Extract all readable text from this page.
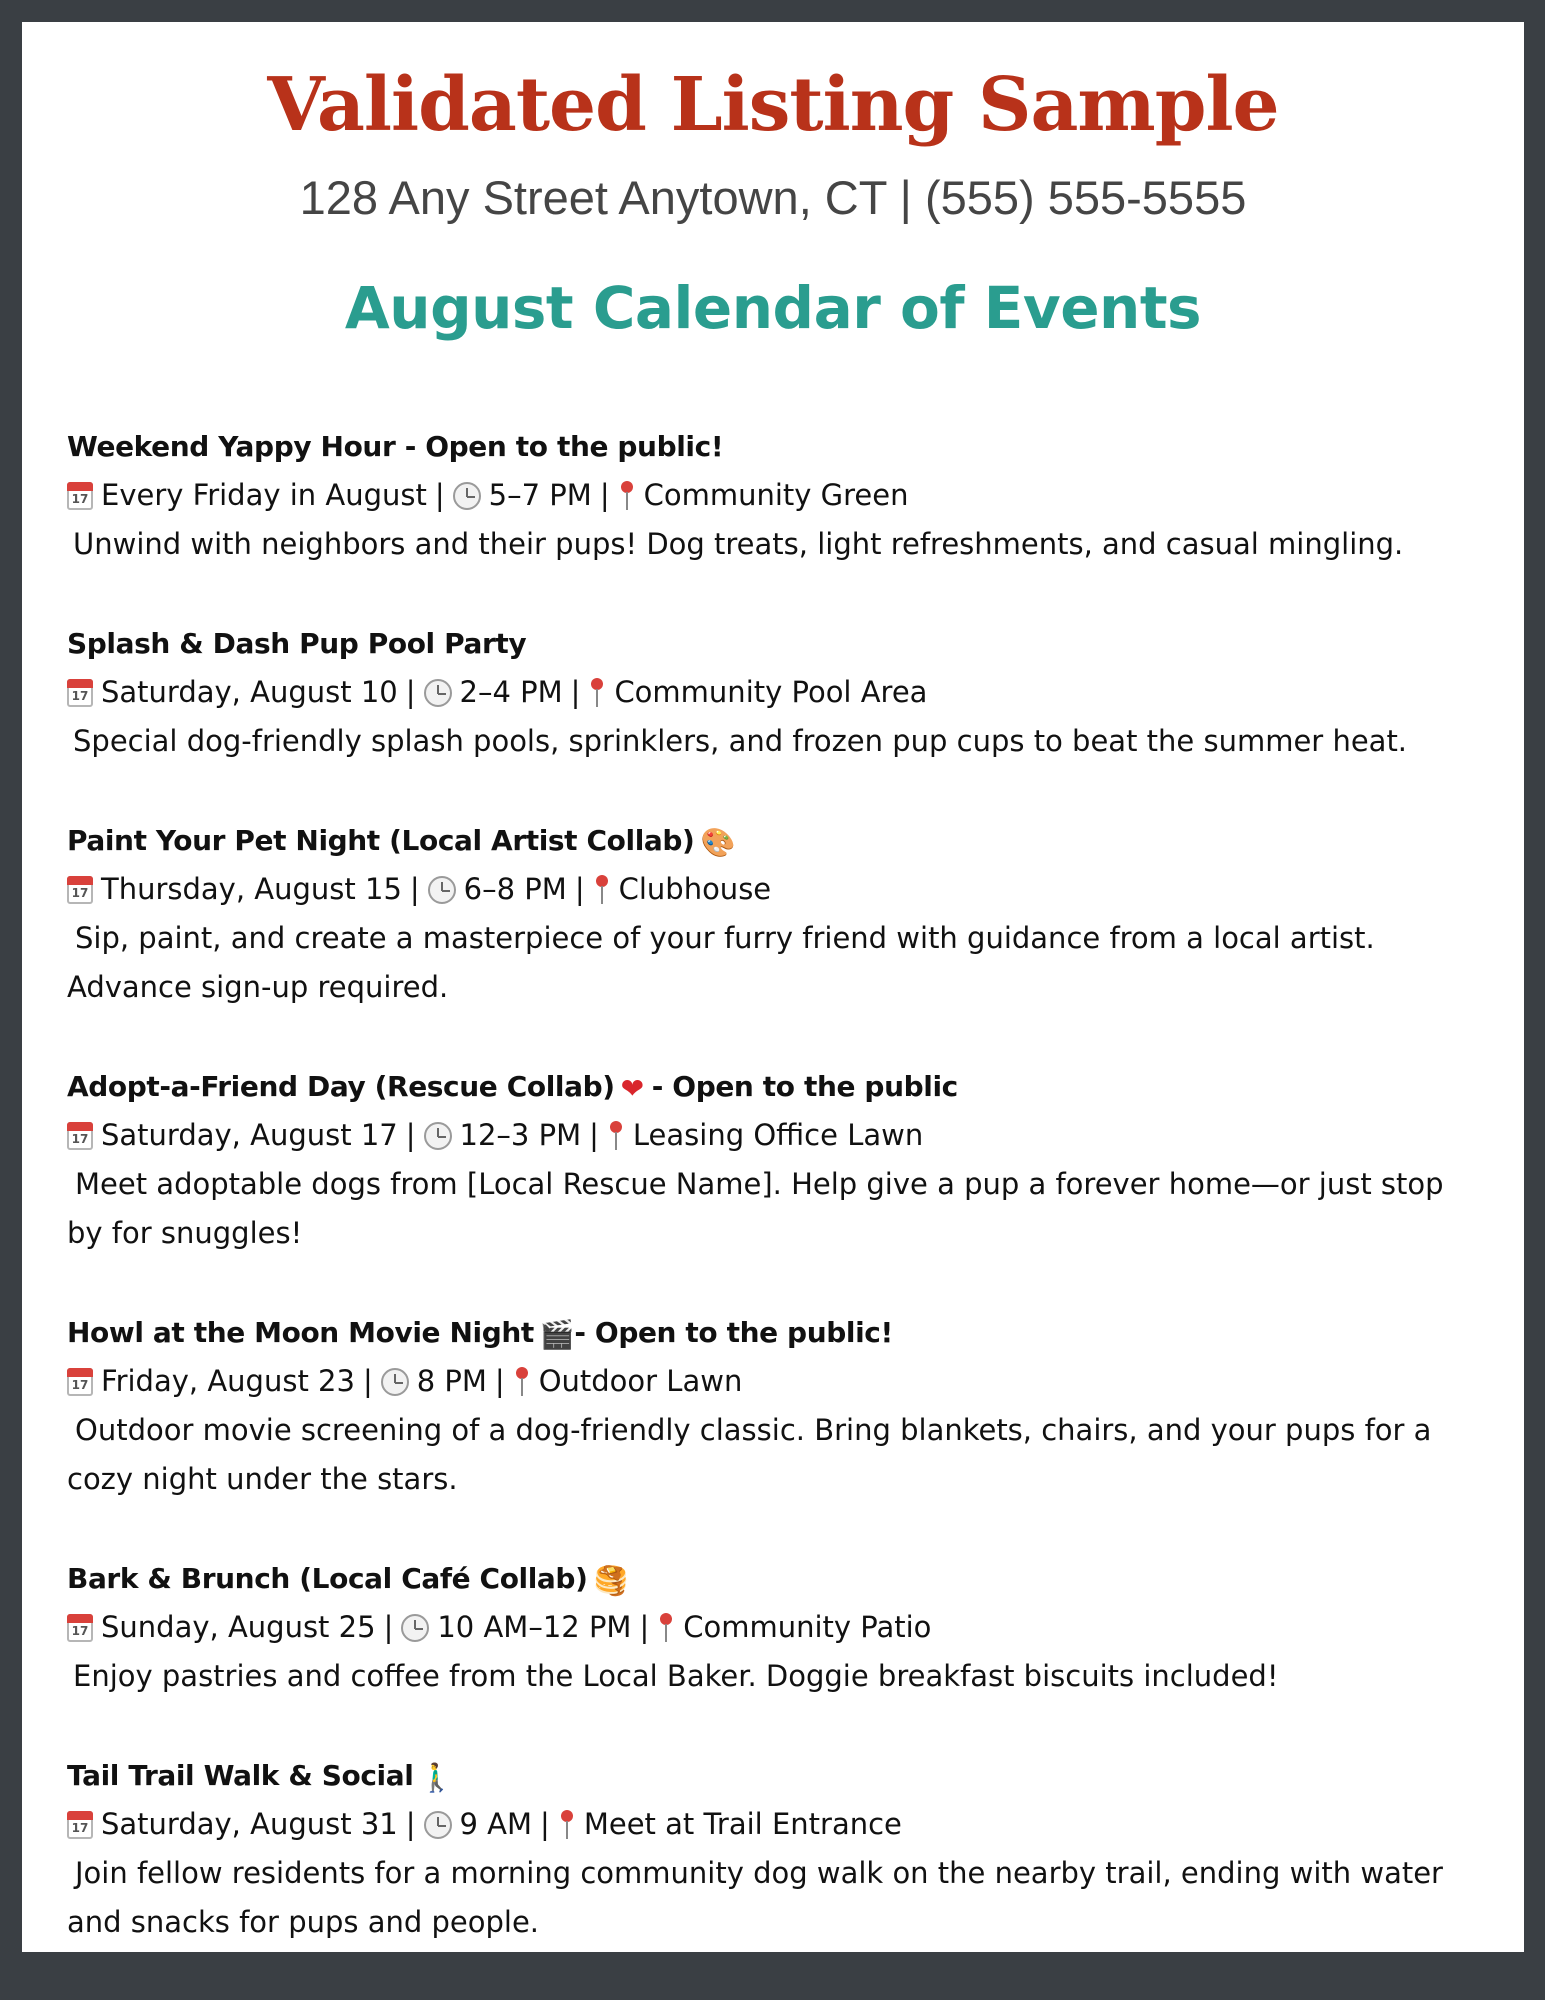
Validated Listing Sample
128 Any Street Anytown, CT | (555) 555-5555
August Calendar of Events
Weekend Yappy Hour - Open to the public!
17
Every Friday in August | 5–7 PM | Community Green
Unwind with neighbors and their pups! Dog treats, light refreshments, and casual mingling.
Splash & Dash Pup Pool Party
17
Saturday, August 10 | 2–4 PM | Community Pool Area
Special dog-friendly splash pools, sprinklers, and frozen pup cups to beat the summer heat.
Paint Your Pet Night (Local Artist Collab) 🎨
17
Thursday, August 15 | 6–8 PM | Clubhouse
Sip, paint, and create a masterpiece of your furry friend with guidance from a local artist. Advance sign-up required.
Adopt-a-Friend Day (Rescue Collab) ❤ - Open to the public
17
Saturday, August 17 | 12–3 PM | Leasing Office Lawn
Meet adoptable dogs from [Local Rescue Name]. Help give a pup a forever home—or just stop by for snuggles!
Howl at the Moon Movie Night 🎬- Open to the public!
17
Friday, August 23 | 8 PM | Outdoor Lawn
Outdoor movie screening of a dog-friendly classic. Bring blankets, chairs, and your pups for a cozy night under the stars.
Bark & Brunch (Local Café Collab) 🥞
17
Sunday, August 25 | 10 AM–12 PM | Community Patio
Enjoy pastries and coffee from the Local Baker. Doggie breakfast biscuits included!
Tail Trail Walk & Social 🚶‍♂️
17
Saturday, August 31 | 9 AM | Meet at Trail Entrance
Join fellow residents for a morning community dog walk on the nearby trail, ending with water and snacks for pups and people.
